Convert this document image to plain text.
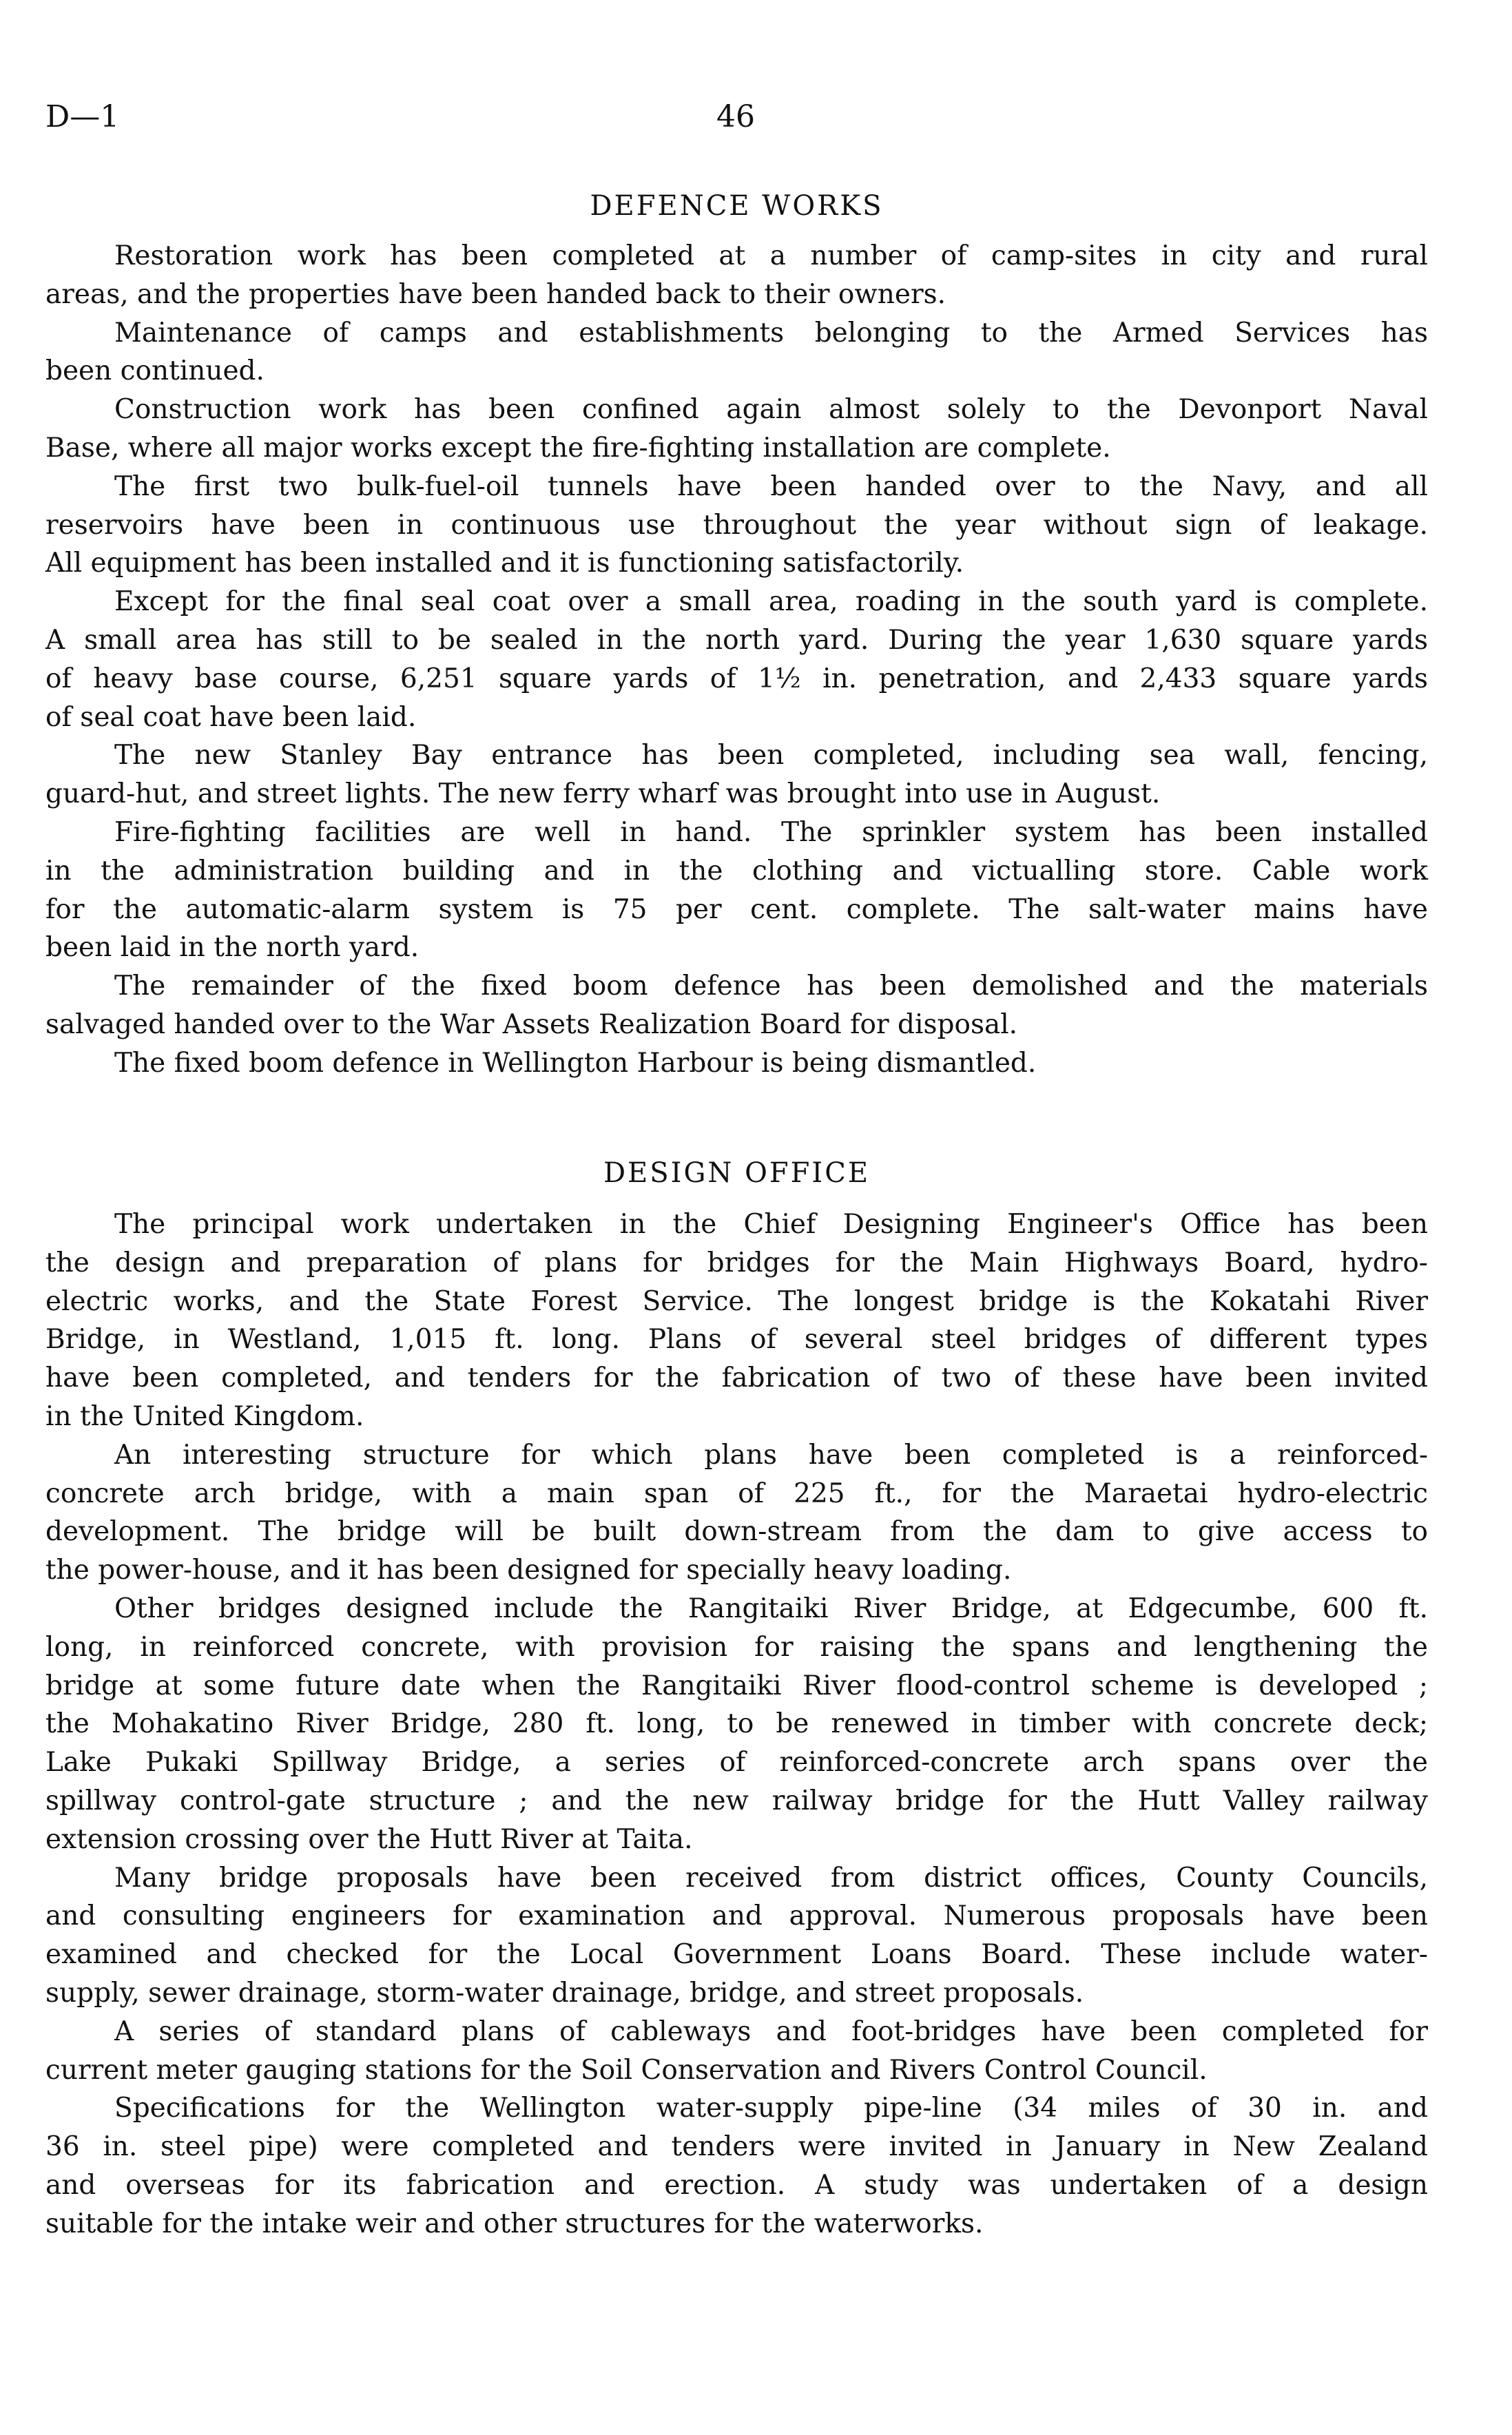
D—1	46
DEFENCE WORKS
Restoration work has been completed at a number of camp-sites in city and rural
areas, and the properties have been handed back to their owners.
Maintenance of camps and establishments belonging to the Armed Services has
been continued.
Construction work has been confined again almost solely to the Devonport Naval
Base, where all major works except the fire-fighting installation are complete.
The first two bulk-fuel-oil tunnels have been handed over to the Navy, and all
reservoirs have been in continuous use throughout the year without sign of leakage.
All equipment has been installed and it is functioning satisfactorily.
Except for the final seal coat over a small area, roading in the south yard is complete.
A small area has still to be sealed in the north yard. During the year 1,630 square yards
of heavy base course, 6,251 square yards of 1½ in. penetration, and 2,433 square yards
of seal coat have been laid.
The new Stanley Bay entrance has been completed, including sea wall, fencing,
guard-hut, and street lights. The new ferry wharf was brought into use in August.
Fire-fighting facilities are well in hand. The sprinkler system has been installed
in the administration building and in the clothing and victualling store. Cable work
for the automatic-alarm system is 75 per cent. complete. The salt-water mains have
been laid in the north yard.
The remainder of the fixed boom defence has been demolished and the materials
salvaged handed over to the War Assets Realization Board for disposal.
The fixed boom defence in Wellington Harbour is being dismantled.
DESIGN OFFICE
The principal work undertaken in the Chief Designing Engineer's Office has been
the design and preparation of plans for bridges for the Main Highways Board, hydro-
electric works, and the State Forest Service. The longest bridge is the Kokatahi River
Bridge, in Westland, 1,015 ft. long. Plans of several steel bridges of different types
have been completed, and tenders for the fabrication of two of these have been invited
in the United Kingdom.
An interesting structure for which plans have been completed is a reinforced-
concrete arch bridge, with a main span of 225 ft., for the Maraetai hydro-electric
development. The bridge will be built down-stream from the dam to give access to
the power-house, and it has been designed for specially heavy loading.
Other bridges designed include the Rangitaiki River Bridge, at Edgecumbe, 600 ft.
long, in reinforced concrete, with provision for raising the spans and lengthening the
bridge at some future date when the Rangitaiki River flood-control scheme is developed ;
the Mohakatino River Bridge, 280 ft. long, to be renewed in timber with concrete deck;
Lake Pukaki Spillway Bridge, a series of reinforced-concrete arch spans over the
spillway control-gate structure ; and the new railway bridge for the Hutt Valley railway
extension crossing over the Hutt River at Taita.
Many bridge proposals have been received from district offices, County Councils,
and consulting engineers for examination and approval. Numerous proposals have been
examined and checked for the Local Government Loans Board. These include water-
supply, sewer drainage, storm-water drainage, bridge, and street proposals.
A series of standard plans of cableways and foot-bridges have been completed for
current meter gauging stations for the Soil Conservation and Rivers Control Council.
Specifications for the Wellington water-supply pipe-line (34 miles of 30 in. and
36 in. steel pipe) were completed and tenders were invited in January in New Zealand
and overseas for its fabrication and erection. A study was undertaken of a design
suitable for the intake weir and other structures for the waterworks.
